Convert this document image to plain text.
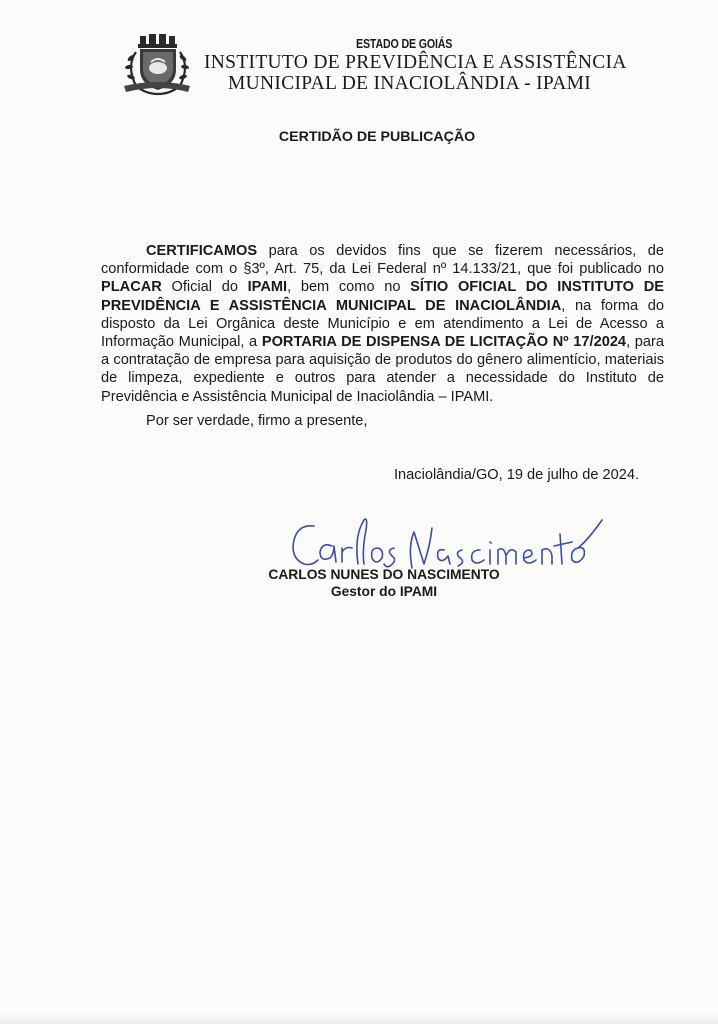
ESTADO DE GOIÁS
INSTITUTO DE PREVIDÊNCIA E ASSISTÊNCIA
MUNICIPAL DE INACIOLÂNDIA - IPAMI
CERTIDÃO DE PUBLICAÇÃO
CERTIFICAMOS para os devidos fins que se fizerem necessários, de conformidade com o §3º, Art. 75, da Lei Federal nº 14.133/21, que foi publicado no PLACAR Oficial do IPAMI, bem como no SÍTIO OFICIAL DO INSTITUTO DE PREVIDÊNCIA E ASSISTÊNCIA MUNICIPAL DE INACIOLÂNDIA, na forma do disposto da Lei Orgânica deste Município e em atendimento a Lei de Acesso a Informação Municipal, a PORTARIA DE DISPENSA DE LICITAÇÃO Nº 17/2024, para a contratação de empresa para aquisição de produtos do gênero alimentício, materiais de limpeza, expediente e outros para atender a necessidade do Instituto de Previdência e Assistência Municipal de Inaciolândia – IPAMI.
Por ser verdade, firmo a presente,
Inaciolândia/GO, 19 de julho de 2024.
CARLOS NUNES DO NASCIMENTO
Gestor do IPAMI
